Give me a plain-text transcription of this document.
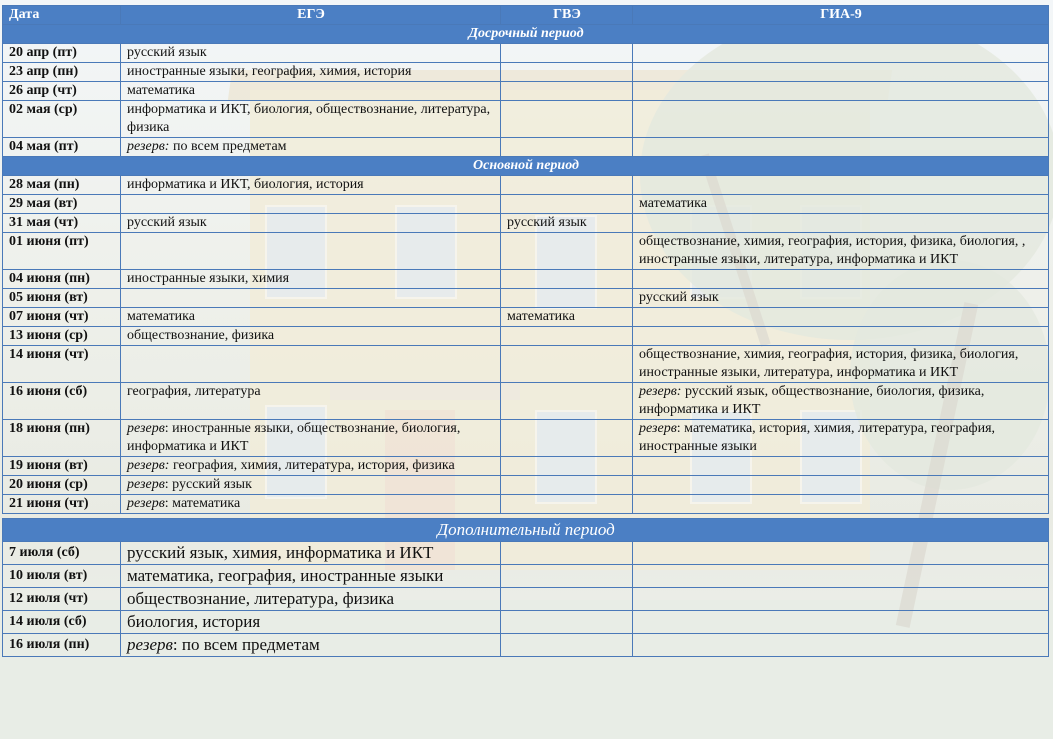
Дата	ЕГЭ	ГВЭ	ГИА-9
Досрочный период			
20 апр (пт)	русский язык		
23 апр (пн)	иностранные языки, география, химия, история		
26 апр (чт)	математика		
02 мая (ср)	информатика и ИКТ, биология, обществознание, литература, физика		
04 мая (пт)	резерв: по всем предметам		
Основной период			
28 мая (пн)	информатика и ИКТ, биология, история		
29 мая (вт)			математика
31 мая (чт)	русский язык	русский язык	
01 июня (пт)			обществознание, химия, география, история, физика, биология, , иностранные языки, литература, информатика и ИКТ
04 июня (пн)	иностранные языки, химия		
05 июня (вт)			русский язык
07 июня (чт)	математика	математика	
13 июня (ср)	обществознание, физика		
14 июня (чт)			обществознание, химия, география, история, физика, биология, иностранные языки, литература, информатика и ИКТ
16 июня (сб)	география, литература		резерв: русский язык, обществознание, биология, физика, информатика и ИКТ
18 июня (пн)	резерв: иностранные языки, обществознание, биология, информатика и ИКТ		резерв: математика, история, химия, литература, география, иностранные языки
19 июня (вт)	резерв: география, химия, литература, история, физика		
20 июня (ср)	резерв: русский язык		
21 июня (чт)	резерв: математика		

Дополнительный период			
7 июля (сб)	русский язык, химия, информатика и ИКТ		
10 июля (вт)	математика, география, иностранные языки		
12 июля (чт)	обществознание, литература, физика		
14 июля (сб)	биология, история		
16 июля (пн)	резерв: по всем предметам		
